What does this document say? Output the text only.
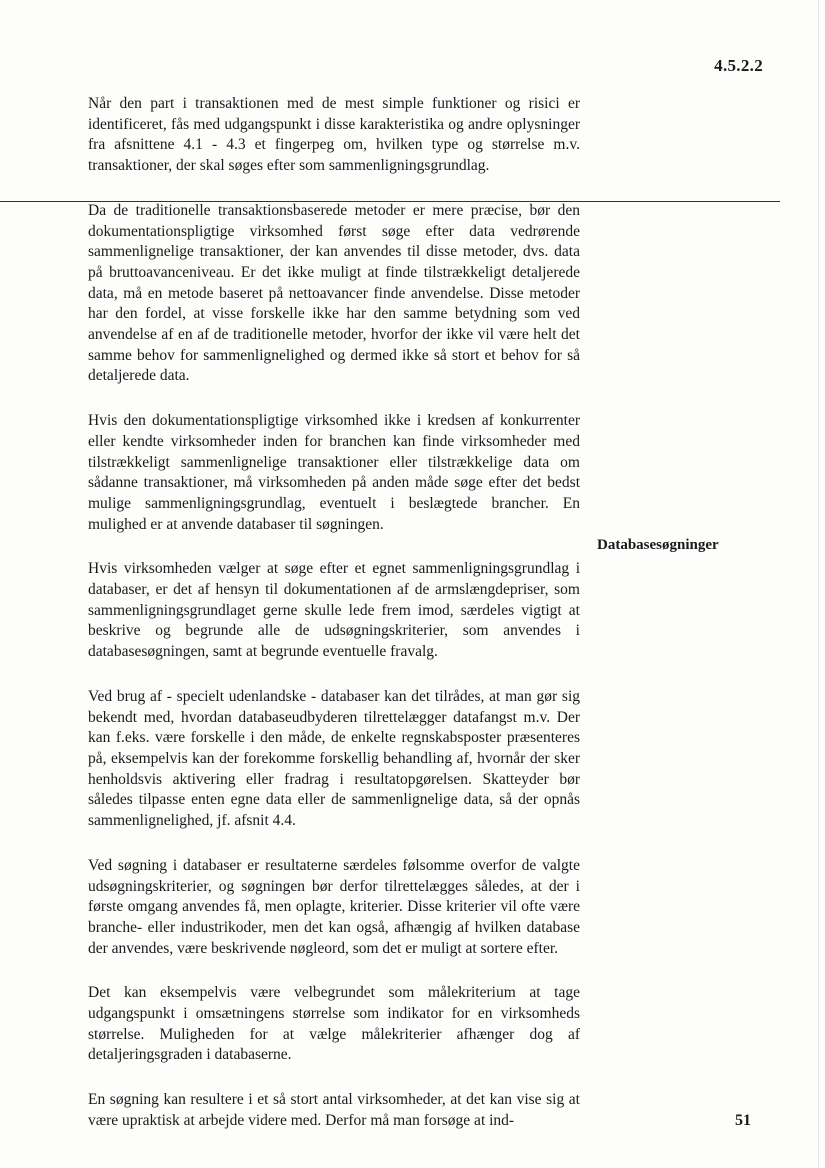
4.5.2.2

Når den part i transaktionen med de mest simple funktioner og risici er identificeret, fås med udgangspunkt i disse karakteristika og andre oplysninger fra afsnittene 4.1 - 4.3 et fingerpeg om, hvilken type og størrelse m.v. transaktioner, der skal søges efter som sammenligningsgrundlag.

Da de traditionelle transaktionsbaserede metoder er mere præcise, bør den dokumentationspligtige virksomhed først søge efter data vedrørende sammenlignelige transaktioner, der kan anvendes til disse metoder, dvs. data på bruttoavanceniveau. Er det ikke muligt at finde tilstrækkeligt detaljerede data, må en metode baseret på nettoavancer finde anvendelse. Disse metoder har den fordel, at visse forskelle ikke har den samme betydning som ved anvendelse af en af de traditionelle metoder, hvorfor der ikke vil være helt det samme behov for sammenlignelighed og dermed ikke så stort et behov for så detaljerede data.

Hvis den dokumentationspligtige virksomhed ikke i kredsen af konkurrenter eller kendte virksomheder inden for branchen kan finde virksomheder med tilstrækkeligt sammenlignelige transaktioner eller tilstrækkelige data om sådanne transaktioner, må virksomheden på anden måde søge efter det bedst mulige sammenligningsgrundlag, eventuelt i beslægtede brancher. En mulighed er at anvende databaser til søgningen.

Hvis virksomheden vælger at søge efter et egnet sammenligningsgrundlag i databaser, er det af hensyn til dokumentationen af de armslængdepriser, som sammenligningsgrundlaget gerne skulle lede frem imod, særdeles vigtigt at beskrive og begrunde alle de udsøgningskriterier, som anvendes i databasesøgningen, samt at begrunde eventuelle fravalg.

Ved brug af - specielt udenlandske - databaser kan det tilrådes, at man gør sig bekendt med, hvordan databaseudbyderen tilrettelægger datafangst m.v. Der kan f.eks. være forskelle i den måde, de enkelte regnskabsposter præsenteres på, eksempelvis kan der forekomme forskellig behandling af, hvornår der sker henholdsvis aktivering eller fradrag i resultatopgørelsen. Skatteyder bør således tilpasse enten egne data eller de sammenlignelige data, så der opnås sammenlignelighed, jf. afsnit 4.4.

Ved søgning i databaser er resultaterne særdeles følsomme overfor de valgte udsøgningskriterier, og søgningen bør derfor tilrettelægges således, at der i første omgang anvendes få, men oplagte, kriterier. Disse kriterier vil ofte være branche- eller industrikoder, men det kan også, afhængig af hvilken database der anvendes, være beskrivende nøgleord, som det er muligt at sortere efter.

Det kan eksempelvis være velbegrundet som målekriterium at tage udgangspunkt i omsætningens størrelse som indikator for en virksomheds størrelse. Muligheden for at vælge målekriterier afhænger dog af detaljeringsgraden i databaserne.

En søgning kan resultere i et så stort antal virksomheder, at det kan vise sig at være upraktisk at arbejde videre med. Derfor må man forsøge at ind-

Databasesøgninger
51
